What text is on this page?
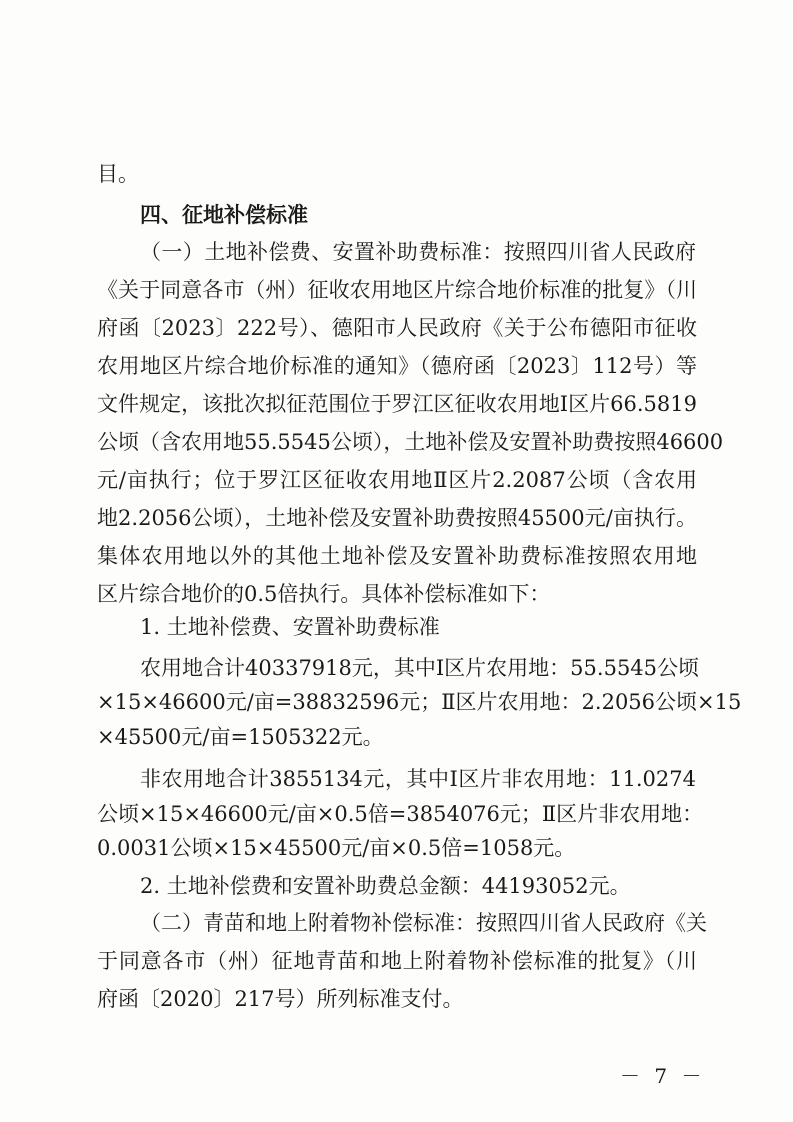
目。
四、征地补偿标准
（一）土地补偿费、安置补助费标准：按照四川省人民政府
《关于同意各市（州）征收农用地区片综合地价标准的批复》（川
府函〔2023〕222号）、德阳市人民政府《关于公布德阳市征收
农用地区片综合地价标准的通知》（德府函〔2023〕112号）等
文件规定，该批次拟征范围位于罗江区征收农用地Ⅰ区片66.5819
公顷（含农用地55.5545公顷），土地补偿及安置补助费按照46600
元/亩执行；位于罗江区征收农用地Ⅱ区片2.2087公顷（含农用
地2.2056公顷），土地补偿及安置补助费按照45500元/亩执行。
集体农用地以外的其他土地补偿及安置补助费标准按照农用地
区片综合地价的0.5倍执行。具体补偿标准如下：
1. 土地补偿费、安置补助费标准
农用地合计40337918元，其中Ⅰ区片农用地：55.5545公顷
×15×46600元/亩=38832596元；Ⅱ区片农用地：2.2056公顷×15
×45500元/亩=1505322元。
非农用地合计3855134元，其中Ⅰ区片非农用地：11.0274
公顷×15×46600元/亩×0.5倍=3854076元；Ⅱ区片非农用地：
0.0031公顷×15×45500元/亩×0.5倍=1058元。
2. 土地补偿费和安置补助费总金额：44193052元。
（二）青苗和地上附着物补偿标准：按照四川省人民政府《关
于同意各市（州）征地青苗和地上附着物补偿标准的批复》（川
府函〔2020〕217号）所列标准支付。
－ 7 －
